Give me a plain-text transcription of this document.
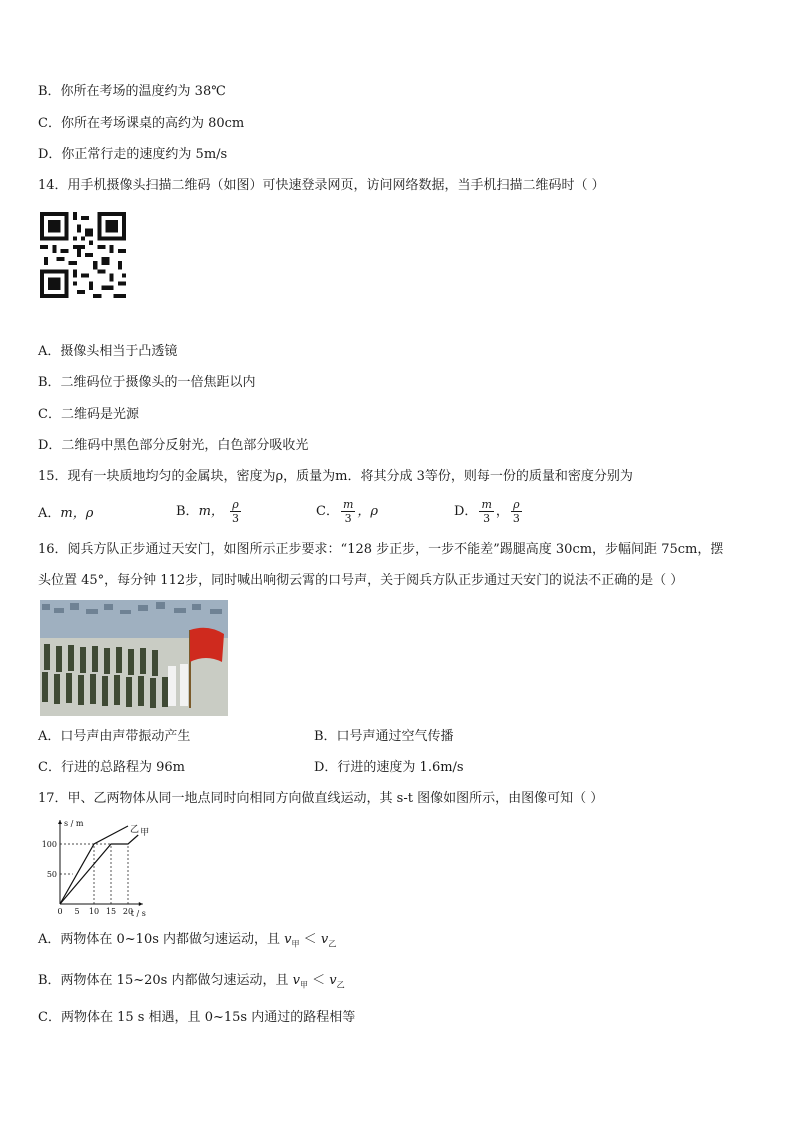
B．你所在考场的温度约为 38℃
C．你所在考场课桌的高约为 80cm
D．你正常行走的速度约为 5m/s
14．用手机摄像头扫描二维码（如图）可快速登录网页，访问网络数据，当手机扫描二维码时（ ）
A．摄像头相当于凸透镜
B．二维码位于摄像头的一倍焦距以内
C．二维码是光源
D．二维码中黑色部分反射光，白色部分吸收光
15．现有一块质地均匀的金属块，密度为ρ，质量为m．将其分成 3等份，则每一份的质量和密度分别为
A．m，ρ	B．m， $\frac{\rho}{3}$	C． $\frac{m}{3}$ ，ρ	D． $\frac{m}{3}$ ， $\frac{\rho}{3}$
16．阅兵方队正步通过天安门，如图所示正步要求：“128 步正步，一步不能差”踢腿高度 30cm，步幅间距 75cm，摆
头位置 45°，每分钟 112步，同时喊出响彻云霄的口号声，关于阅兵方队正步通过天安门的说法不正确的是（ ）
A．口号声由声带振动产生	B．口号声通过空气传播
C．行进的总路程为 96m	D．行进的速度为 1.6m/s
17．甲、乙两物体从同一地点同时向相同方向做直线运动，其 s-t 图像如图所示，由图像可知（ ）
s / m
t / s
50
100
0 5 10 15 20
甲
乙
A．两物体在 0~10s 内都做匀速运动，且 $v_甲 < v_乙$
B．两物体在 15~20s 内都做匀速运动，且 $v_甲 < v_乙$
C．两物体在 15 s 相遇，且 0~15s 内通过的路程相等
